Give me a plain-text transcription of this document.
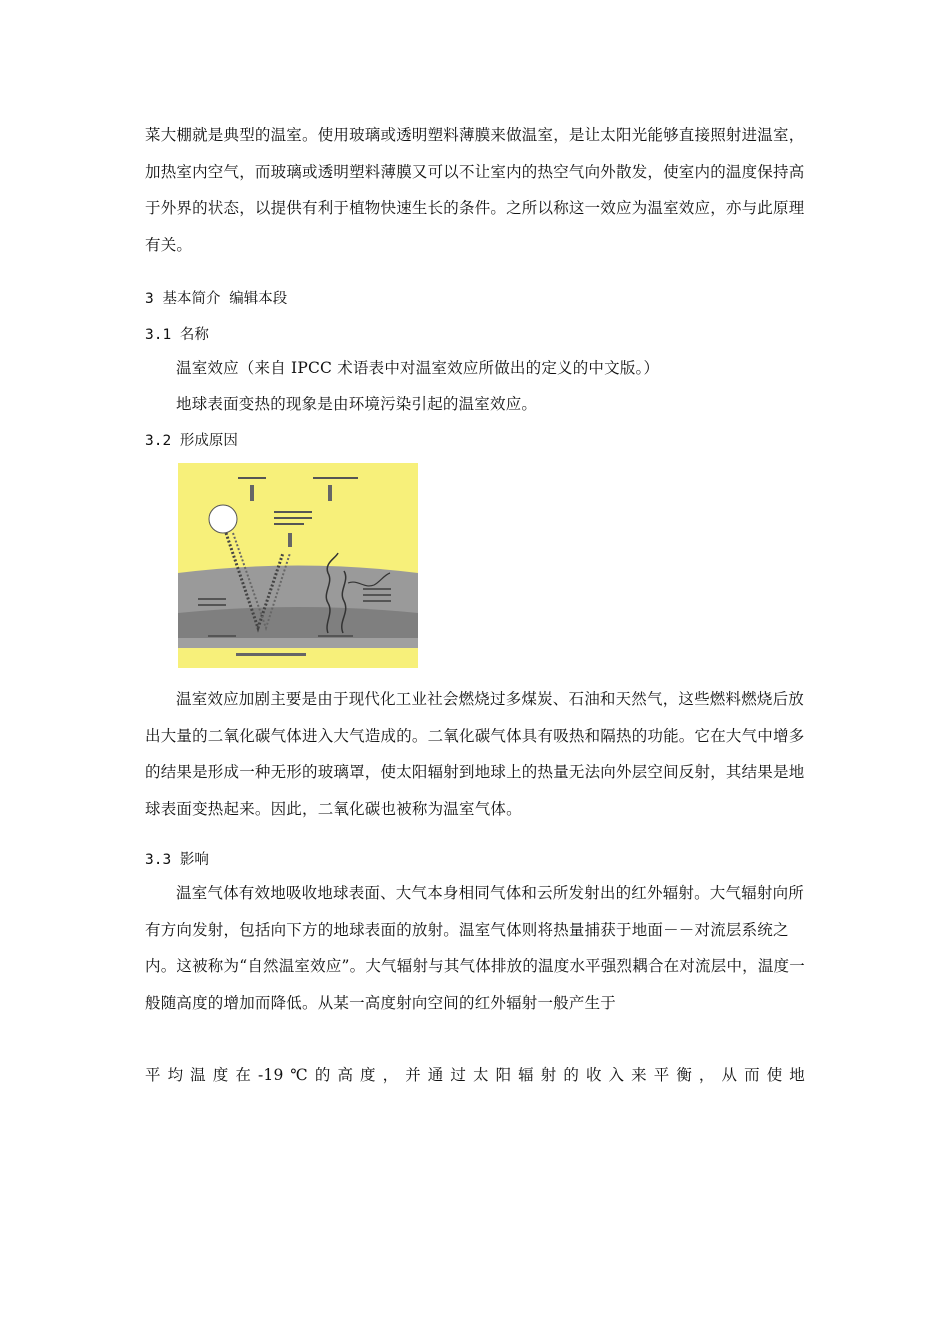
菜大棚就是典型的温室。使用玻璃或透明塑料薄膜来做温室，是让太阳光能够直接照射进温室，加热室内空气，而玻璃或透明塑料薄膜又可以不让室内的热空气向外散发，使室内的温度保持高于外界的状态，以提供有利于植物快速生长的条件。之所以称这一效应为温室效应，亦与此原理有关。

3 基本简介 编辑本段

3.1 名称

温室效应（来自 IPCC 术语表中对温室效应所做出的定义的中文版。）

地球表面变热的现象是由环境污染引起的温室效应。

3.2 形成原因

温室效应加剧主要是由于现代化工业社会燃烧过多煤炭、石油和天然气，这些燃料燃烧后放出大量的二氧化碳气体进入大气造成的。二氧化碳气体具有吸热和隔热的功能。它在大气中增多的结果是形成一种无形的玻璃罩，使太阳辐射到地球上的热量无法向外层空间反射，其结果是地球表面变热起来。因此，二氧化碳也被称为温室气体。

3.3 影响

温室气体有效地吸收地球表面、大气本身相同气体和云所发射出的红外辐射。大气辐射向所有方向发射，包括向下方的地球表面的放射。温室气体则将热量捕获于地面－－对流层系统之内。这被称为“自然温室效应”。大气辐射与其气体排放的温度水平强烈耦合在对流层中，温度一般随高度的增加而降低。从某一高度射向空间的红外辐射一般产生于

平均温度在-19℃的高度，并通过太阳辐射的收入来平衡，从而使地
